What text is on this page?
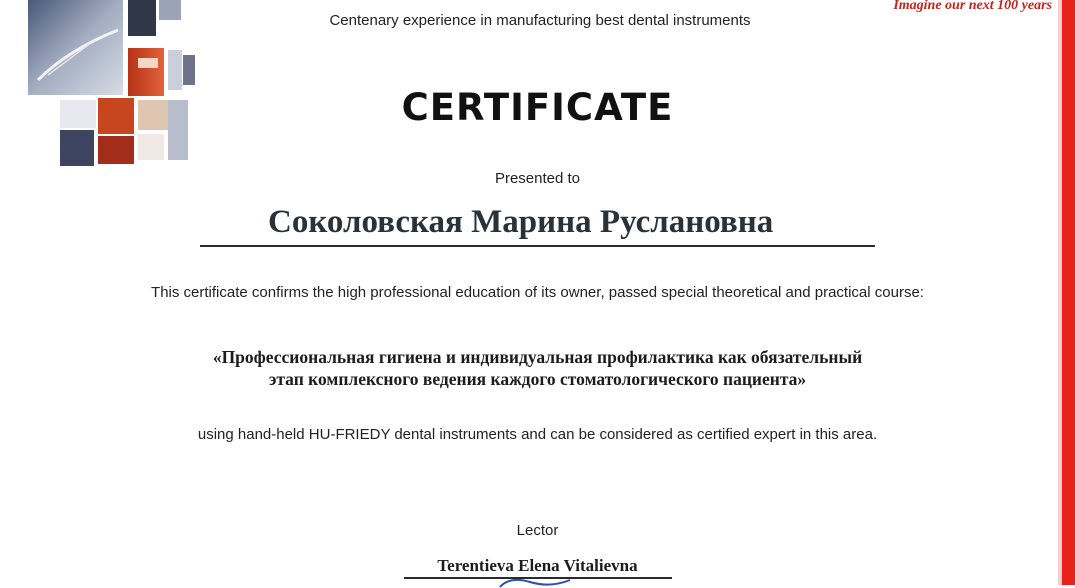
Imagine our next 100 years
Centenary experience in manufacturing best dental instruments
CERTIFICATE
Presented to
Соколовская Марина Руслановна
This certificate confirms the high professional education of its owner, passed special theoretical and practical course:
«Профессиональная гигиена и индивидуальная профилактика как обязательный
этап комплексного ведения каждого стоматологического пациента»
using hand-held HU-FRIEDY dental instruments and can be considered as certified expert in this area.
Lector
Terentieva Elena Vitalievna
